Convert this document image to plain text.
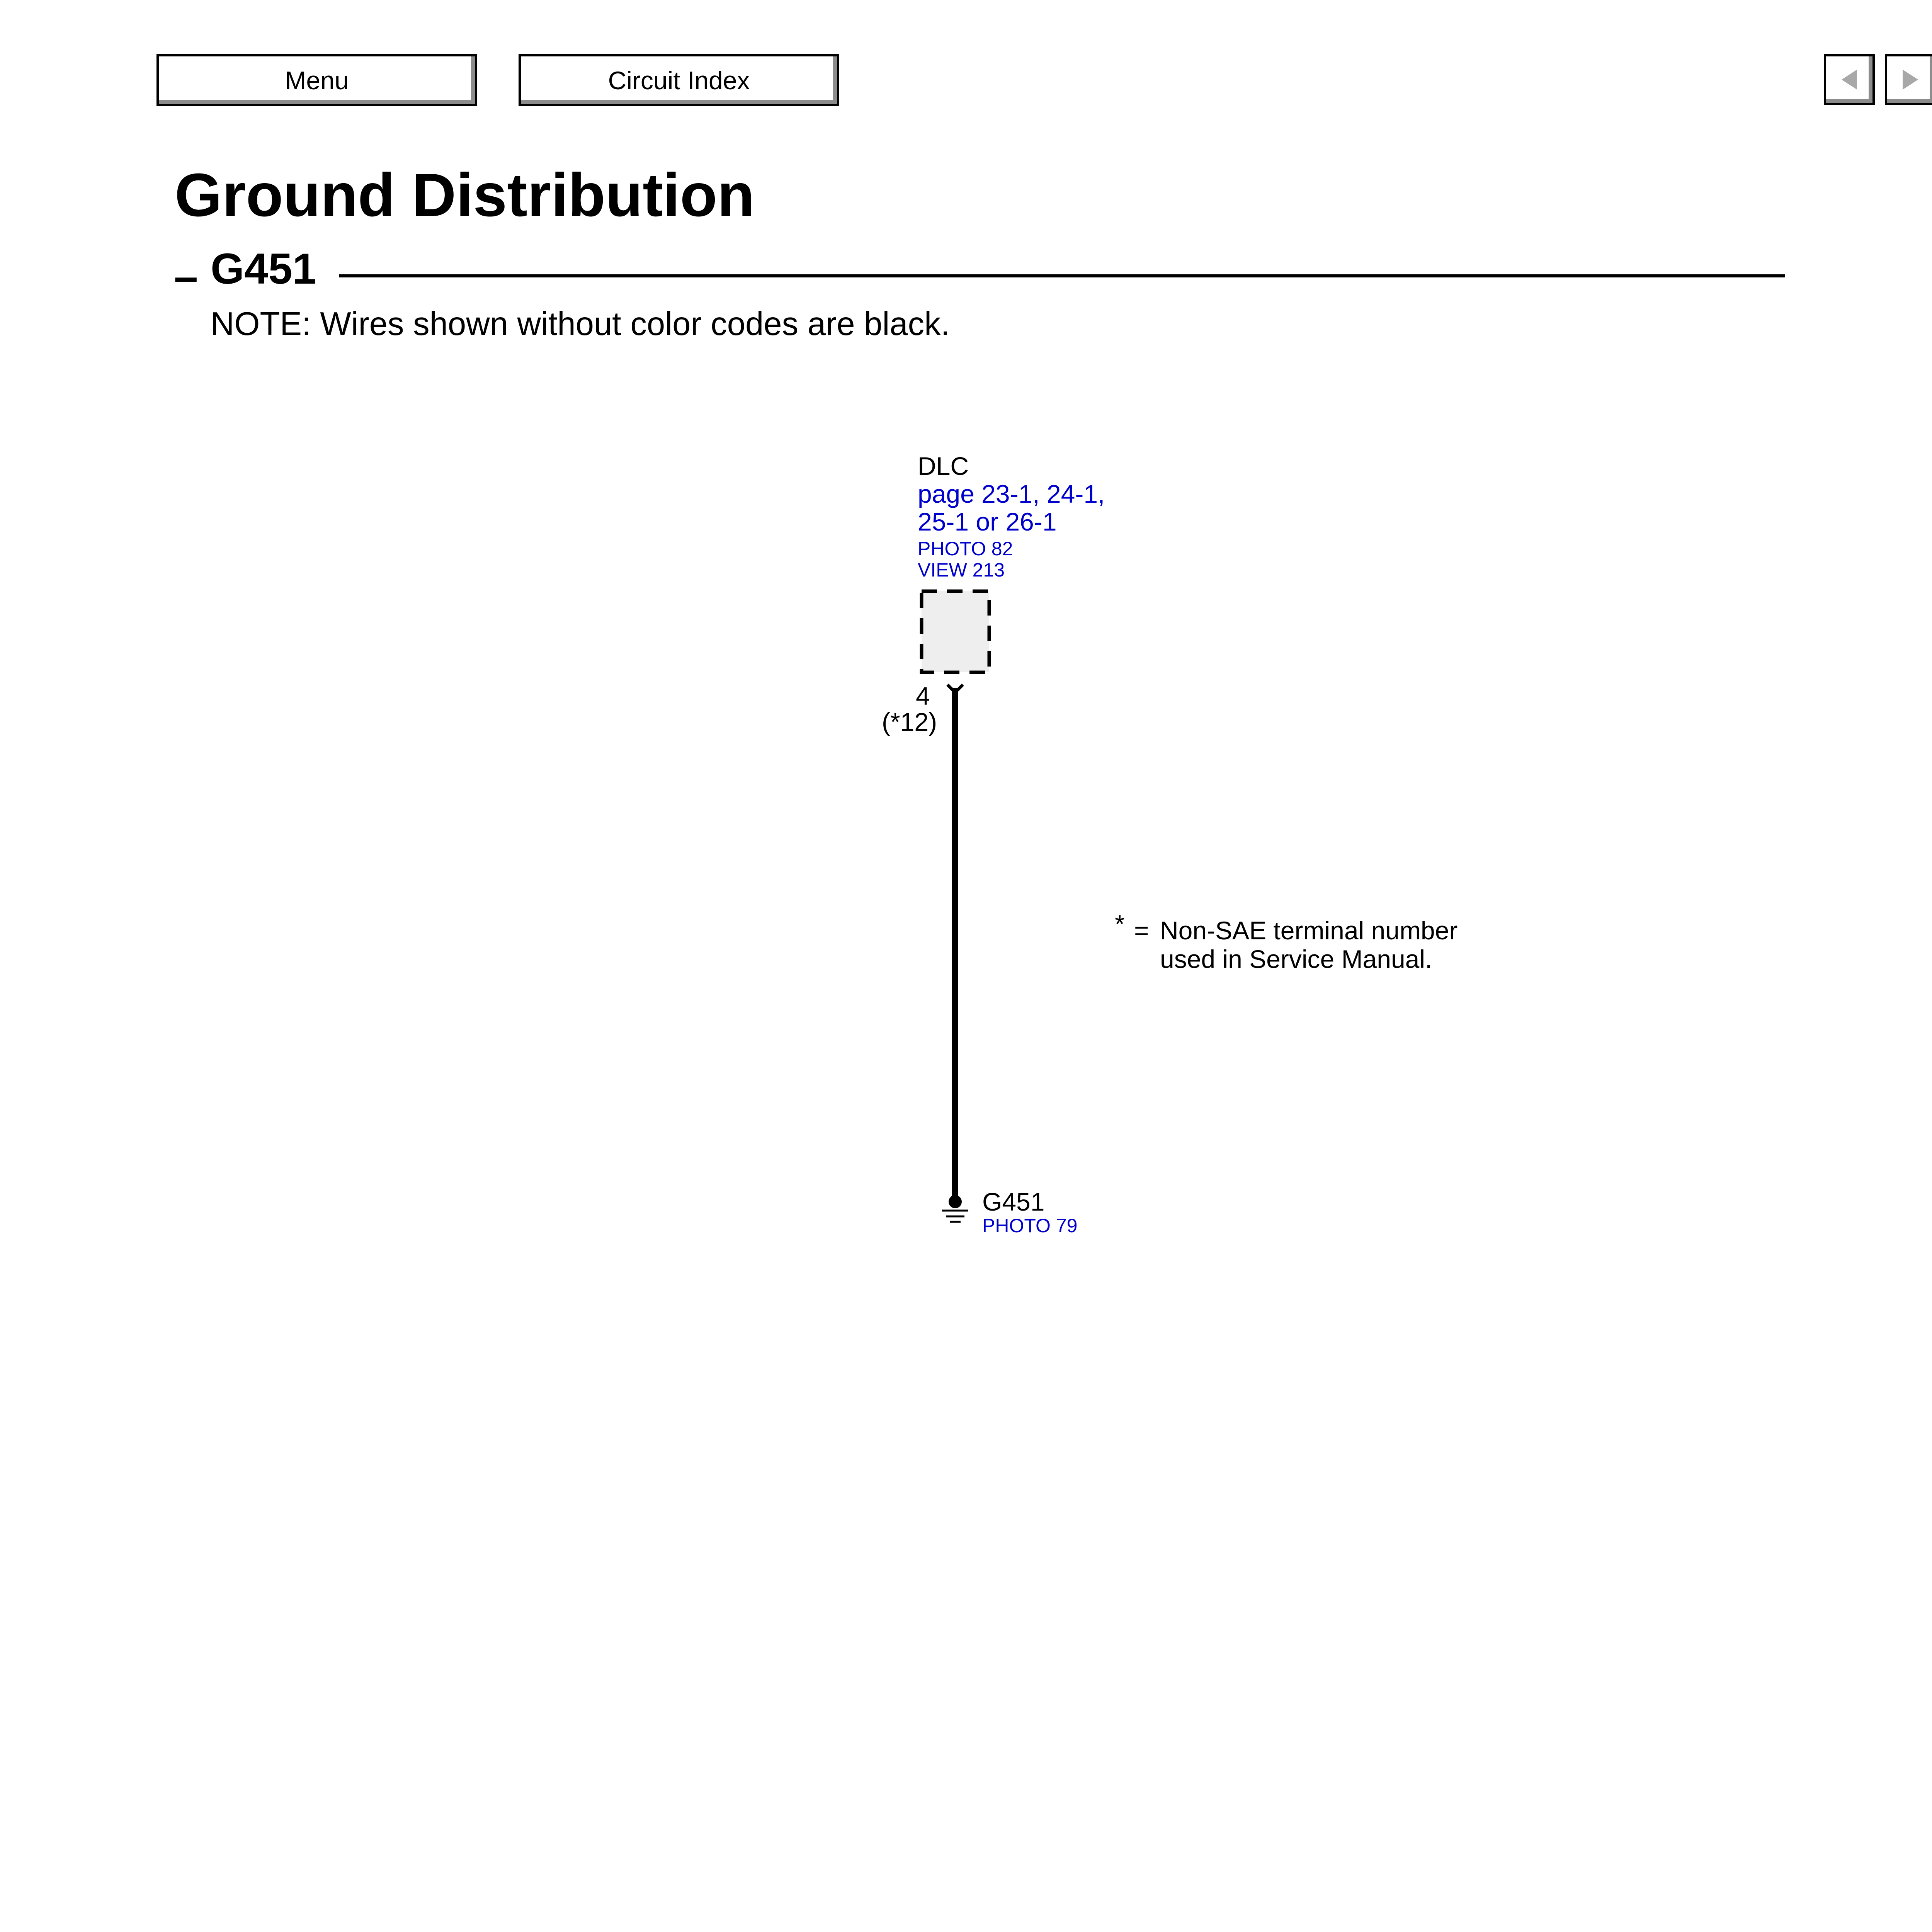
Menu	Circuit Index
Ground Distribution
– G451
NOTE: Wires shown without color codes are black.
DLC
page 23-1, 24-1,
25-1 or 26-1
PHOTO 82
VIEW 213
4
(*12)
* = Non-SAE terminal number
used in Service Manual.
G451
PHOTO 79
